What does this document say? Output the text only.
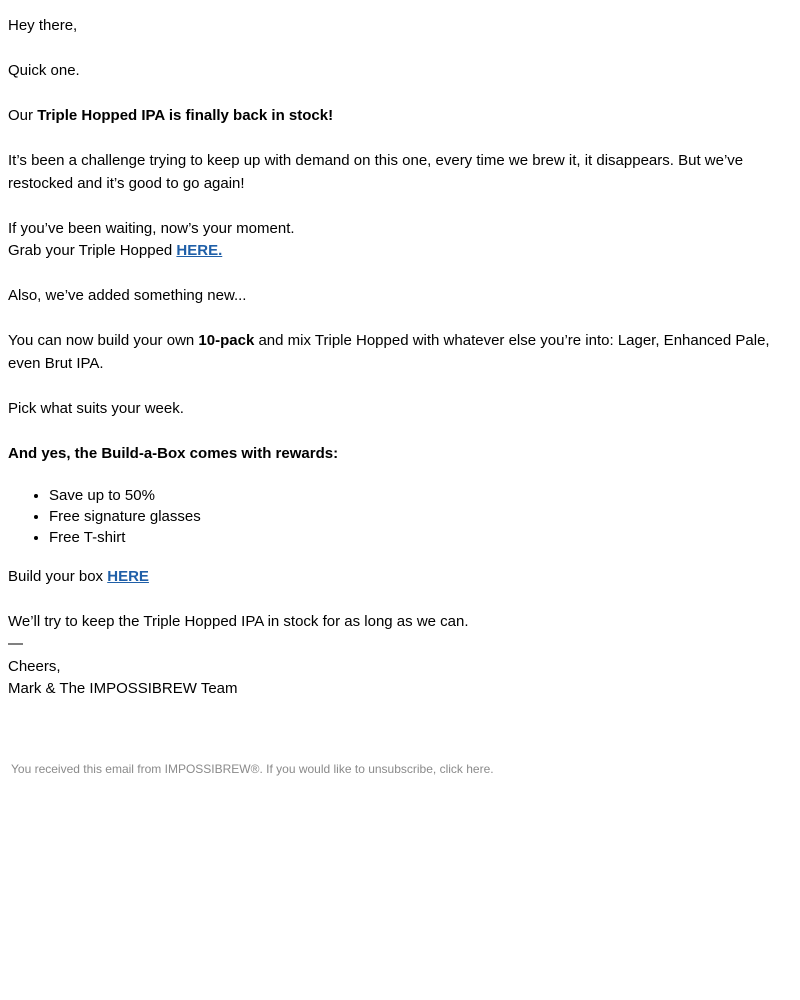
Hey there,

Quick one.

Our Triple Hopped IPA is finally back in stock!

It’s been a challenge trying to keep up with demand on this one, every time we brew it, it disappears. But we’ve restocked and it’s good to go again!

If you’ve been waiting, now’s your moment.
Grab your Triple Hopped HERE.

Also, we’ve added something new...

You can now build your own 10-pack and mix Triple Hopped with whatever else you’re into: Lager, Enhanced Pale, even Brut IPA.

Pick what suits your week.

And yes, the Build-a-Box comes with rewards:

• Save up to 50%
• Free signature glasses
• Free T-shirt

Build your box HERE

We’ll try to keep the Triple Hopped IPA in stock for as long as we can.

—

Cheers,

Mark & The IMPOSSIBREW Team

You received this email from IMPOSSIBREW®. If you would like to unsubscribe, click here.
